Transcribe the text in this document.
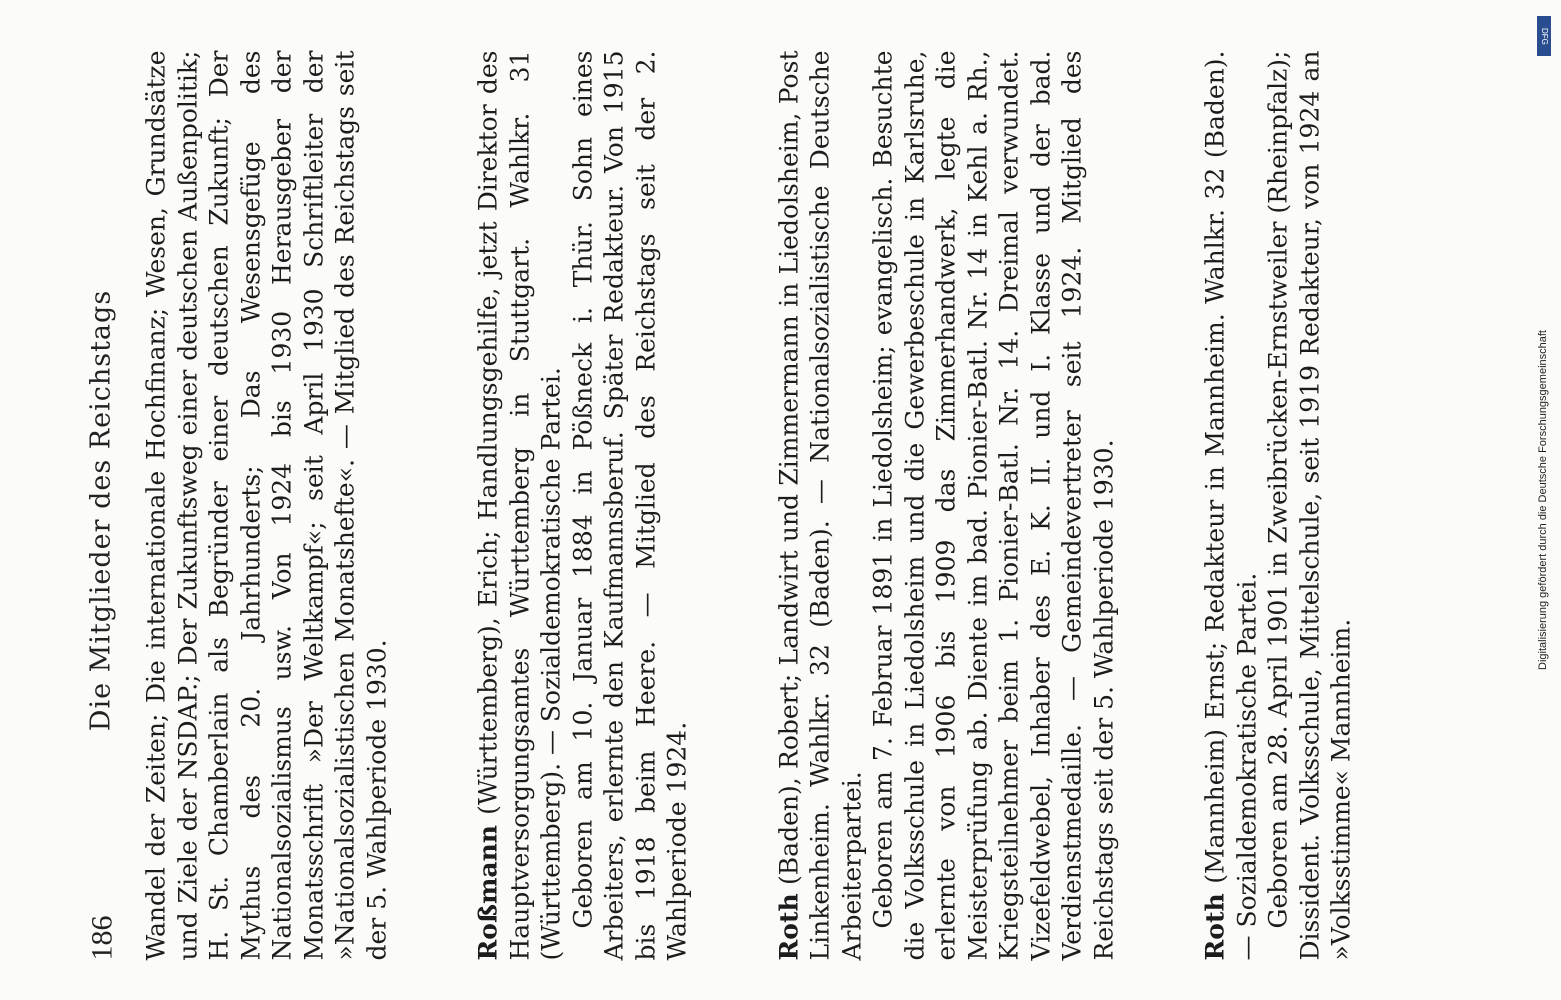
186
Die Mitglieder des Reichstags Wandel der Zeiten; Die internationale Hochfinanz; Wesen, Grundsätze und Ziele der NSDAP.; Der Zukunftsweg einer deutschen Außenpolitik; H. St. Chamberlain als Begründer einer deutschen Zukunft; Der Mythus des 20. Jahrhunderts; Das Wesensgefüge des Nationalsozialismus usw. Von 1924 bis 1930 Herausgeber der Monatsschrift »Der Weltkampf«; seit April 1930 Schriftleiter der »Nationalsozialistischen Monatshefte«. — Mitglied des Reichstags seit der 5. Wahlperiode 1930.	Roßmann (Württemberg), Erich; Handlungsgehilfe, jetzt Direktor des Hauptversorgungsamtes Württemberg in Stuttgart. Wahlkr. 31 (Württemberg). — Sozialdemokratische Partei. Geboren am 10. Januar 1884 in Pößneck i. Thür. Sohn eines Arbeiters, erlernte den Kaufmannsberuf. Später Redakteur. Von 1915 bis 1918 beim Heere. — Mitglied des Reichstags seit der 2. Wahlperiode 1924.	Roth (Baden), Robert; Landwirt und Zimmermann in Liedolsheim, Post Linkenheim. Wahlkr. 32 (Baden). — Nationalsozialistische Deutsche Arbeiterpartei. Geboren am 7. Februar 1891 in Liedolsheim; evangelisch. Besuchte die Volksschule in Liedolsheim und die Gewerbeschule in Karlsruhe, erlernte von 1906 bis 1909 das Zimmerhandwerk, legte die Meisterprüfung ab. Diente im bad. Pionier-Batl. Nr. 14 in Kehl a. Rh., Kriegsteilnehmer beim 1. Pionier-Batl. Nr. 14. Dreimal verwundet. Vizefeldwebel, Inhaber des E. K. II. und I. Klasse und der bad. Verdienstmedaille. — Gemeindevertreter seit 1924. Mitglied des Reichstags seit der 5. Wahlperiode 1930.	Roth (Mannheim) Ernst; Redakteur in Mannheim. Wahlkr. 32 (Baden). — Sozialdemokratische Partei. Geboren am 28. April 1901 in Zweibrücken-Ernstweiler (Rheinpfalz); Dissident. Volksschule, Mittelschule, seit 1919 Redakteur, von 1924 an »Volksstimme« Mannheim.

DFG
Digitalisierung gefördert durch die Deutsche Forschungsgemeinschaft
